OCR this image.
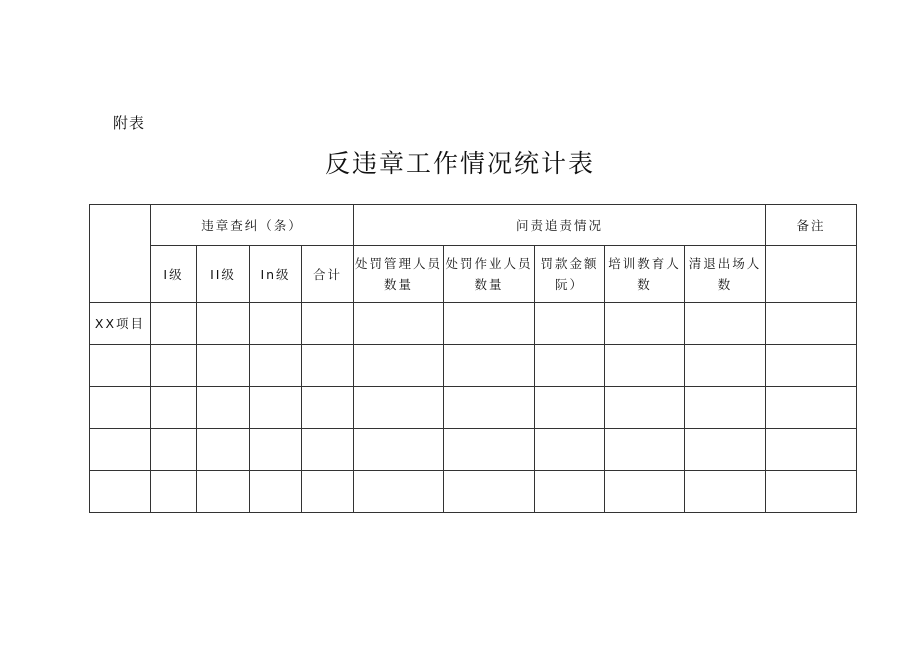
附表
反违章工作情况统计表
	违章查纠（条）				问责追责情况					备注
	I级	II级	In级	合计	处罚管理人员数量	处罚作业人员数量	罚款金额阮）	培训教育人数	清退出场人数	
XX项目										
